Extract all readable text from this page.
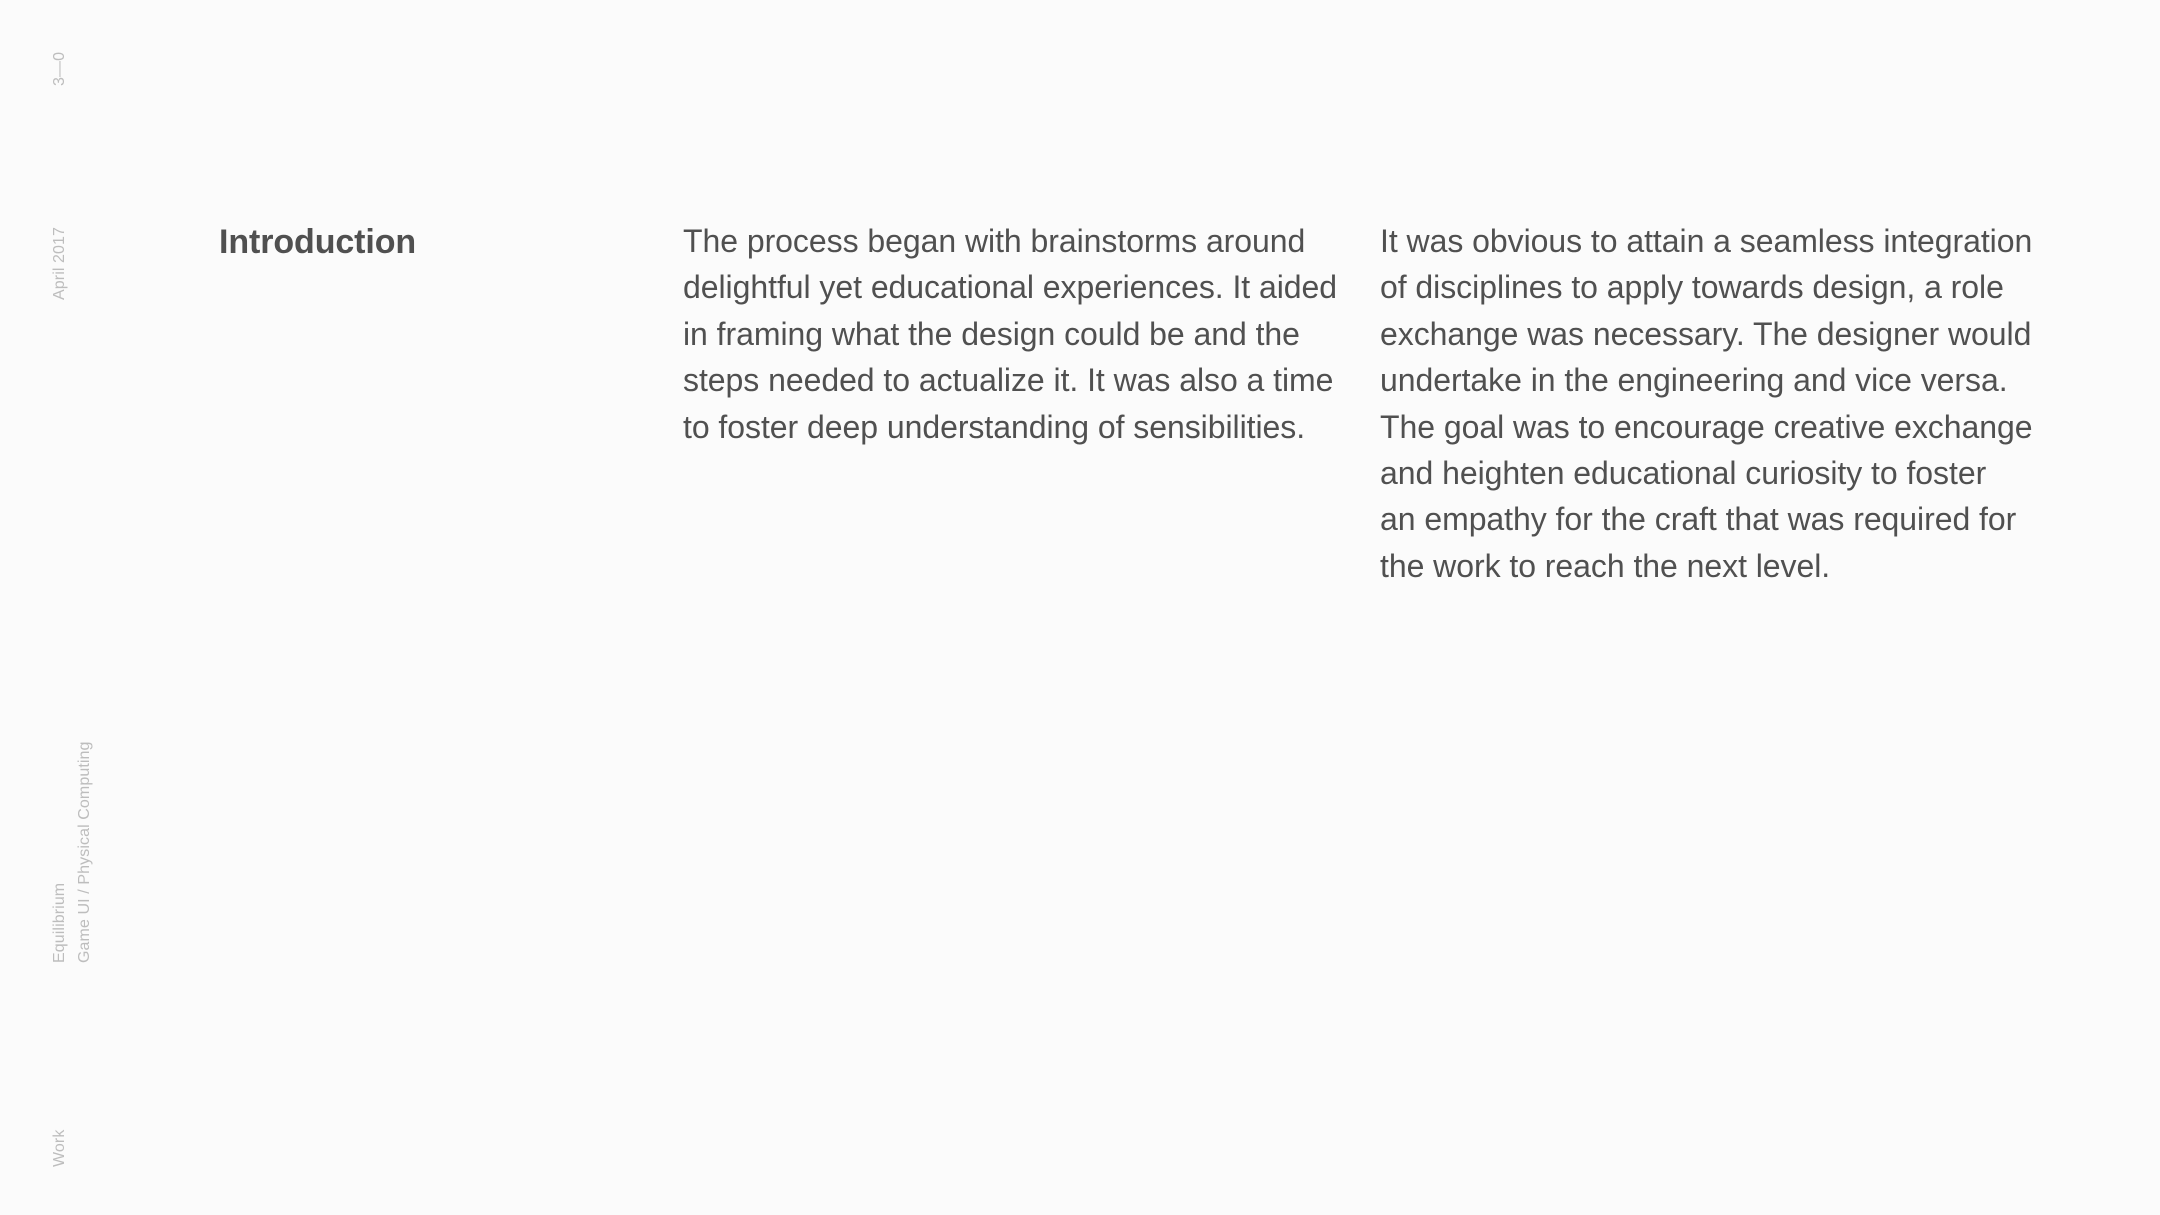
3—0
April 2017
Equilibrium Game UI / Physical Computing
Work
Introduction	The process began with brainstorms around
delightful yet educational experiences. It aided
in framing what the design could be and the
steps needed to actualize it. It was also a time
to foster deep understanding of sensibilities.

It was obvious to attain a seamless integration
of disciplines to apply towards design, a role
exchange was necessary. The designer would
undertake in the engineering and vice versa.
The goal was to encourage creative exchange
and heighten educational curiosity to foster
an empathy for the craft that was required for
the work to reach the next level.
